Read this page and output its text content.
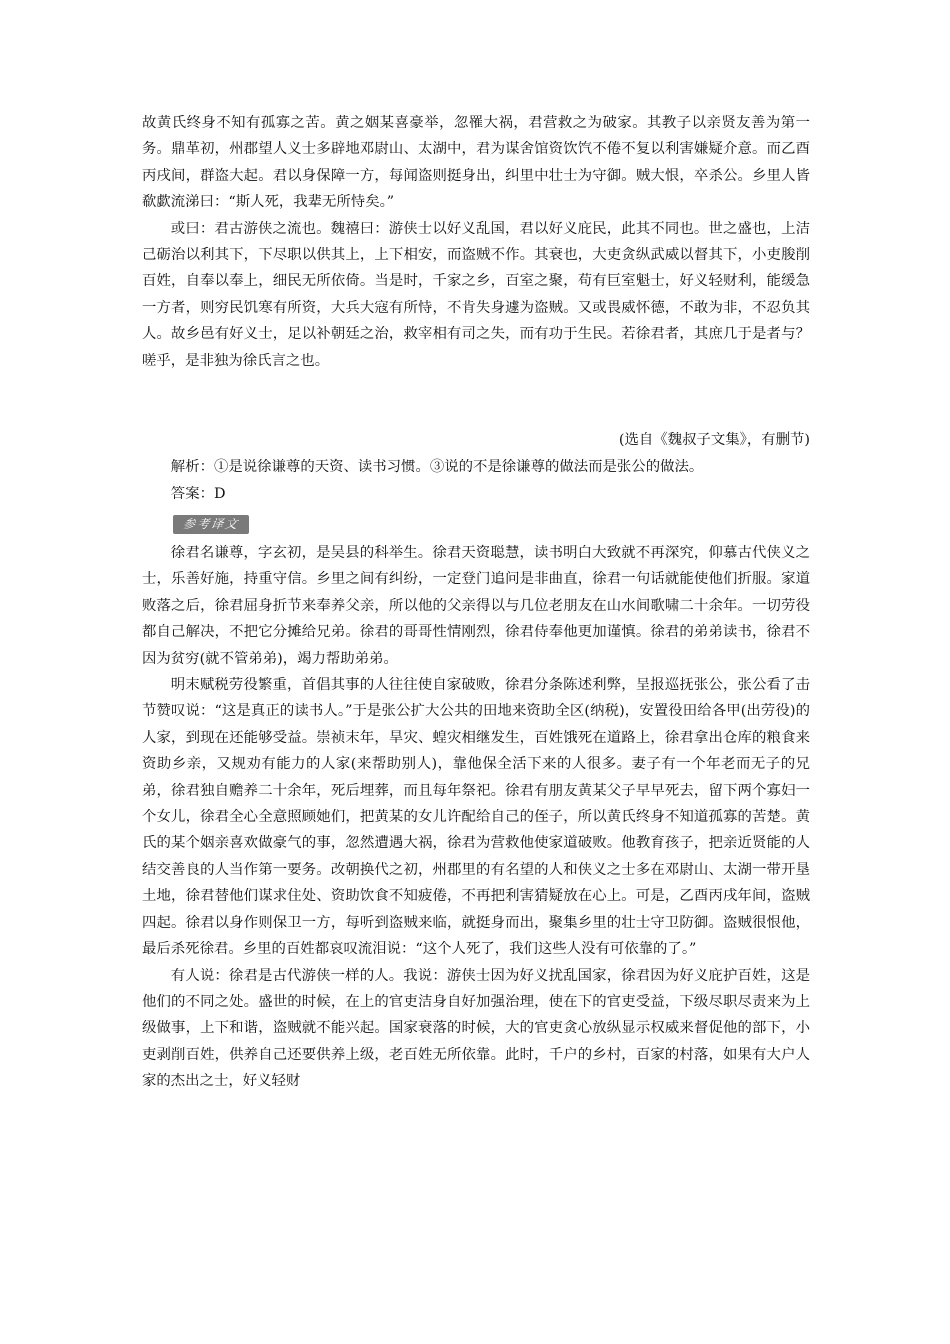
故黄氏终身不知有孤寡之苦。黄之姻某喜豪举，忽罹大祸，君营救之为破家。其教子以亲贤友善为第一务。鼎革初，州郡望人义士多辟地邓尉山、太湖中，君为谋舍馆资饮饩不倦不复以利害嫌疑介意。而乙酉丙戌间，群盗大起。君以身保障一方，每闻盗则挺身出，纠里中壮士为守御。贼大恨，卒杀公。乡里人皆欷歔流涕曰：“斯人死，我辈无所恃矣。”

或曰：君古游侠之流也。魏禧曰：游侠士以好义乱国，君以好义庇民，此其不同也。世之盛也，上洁己砺治以利其下，下尽职以供其上，上下相安，而盗贼不作。其衰也，大吏贪纵武威以督其下，小吏朘削百姓，自奉以奉上，细民无所依倚。当是时，千家之乡，百室之聚，苟有巨室魁士，好义轻财利，能缓急一方者，则穷民饥寒有所资，大兵大寇有所恃，不肯失身遽为盗贼。又或畏威怀德，不敢为非，不忍负其人。故乡邑有好义士，足以补朝廷之治，救宰相有司之失，而有功于生民。若徐君者，其庶几于是者与？嗟乎，是非独为徐氏言之也。

(选自《魏叔子文集》，有删节)
解析：①是说徐谦尊的天资、读书习惯。③说的不是徐谦尊的做法而是张公的做法。
答案：D
参考译文

徐君名谦尊，字玄初，是吴县的科举生。徐君天资聪慧，读书明白大致就不再深究，仰慕古代侠义之士，乐善好施，持重守信。乡里之间有纠纷，一定登门追问是非曲直，徐君一句话就能使他们折服。家道败落之后，徐君屈身折节来奉养父亲，所以他的父亲得以与几位老朋友在山水间歌啸二十余年。一切劳役都自己解决，不把它分摊给兄弟。徐君的哥哥性情刚烈，徐君侍奉他更加谨慎。徐君的弟弟读书，徐君不因为贫穷(就不管弟弟)，竭力帮助弟弟。

明末赋税劳役繁重，首倡其事的人往往使自家破败，徐君分条陈述利弊，呈报巡抚张公，张公看了击节赞叹说：“这是真正的读书人。”于是张公扩大公共的田地来资助全区(纳税)，安置役田给各甲(出劳役)的人家，到现在还能够受益。崇祯末年，旱灾、蝗灾相继发生，百姓饿死在道路上，徐君拿出仓库的粮食来资助乡亲，又规劝有能力的人家(来帮助别人)，靠他保全活下来的人很多。妻子有一个年老而无子的兄弟，徐君独自赡养二十余年，死后埋葬，而且每年祭祀。徐君有朋友黄某父子早早死去，留下两个寡妇一个女儿，徐君全心全意照顾她们，把黄某的女儿许配给自己的侄子，所以黄氏终身不知道孤寡的苦楚。黄氏的某个姻亲喜欢做豪气的事，忽然遭遇大祸，徐君为营救他使家道破败。他教育孩子，把亲近贤能的人结交善良的人当作第一要务。改朝换代之初，州郡里的有名望的人和侠义之士多在邓尉山、太湖一带开垦土地，徐君替他们谋求住处、资助饮食不知疲倦，不再把利害猜疑放在心上。可是，乙酉丙戌年间，盗贼四起。徐君以身作则保卫一方，每听到盗贼来临，就挺身而出，聚集乡里的壮士守卫防御。盗贼很恨他，最后杀死徐君。乡里的百姓都哀叹流泪说：“这个人死了，我们这些人没有可依靠的了。”

有人说：徐君是古代游侠一样的人。我说：游侠士因为好义扰乱国家，徐君因为好义庇护百姓，这是他们的不同之处。盛世的时候，在上的官吏洁身自好加强治理，使在下的官吏受益，下级尽职尽责来为上级做事，上下和谐，盗贼就不能兴起。国家衰落的时候，大的官吏贪心放纵显示权威来督促他的部下，小吏剥削百姓，供养自己还要供养上级，老百姓无所依靠。此时，千户的乡村，百家的村落，如果有大户人家的杰出之士，好义轻财
